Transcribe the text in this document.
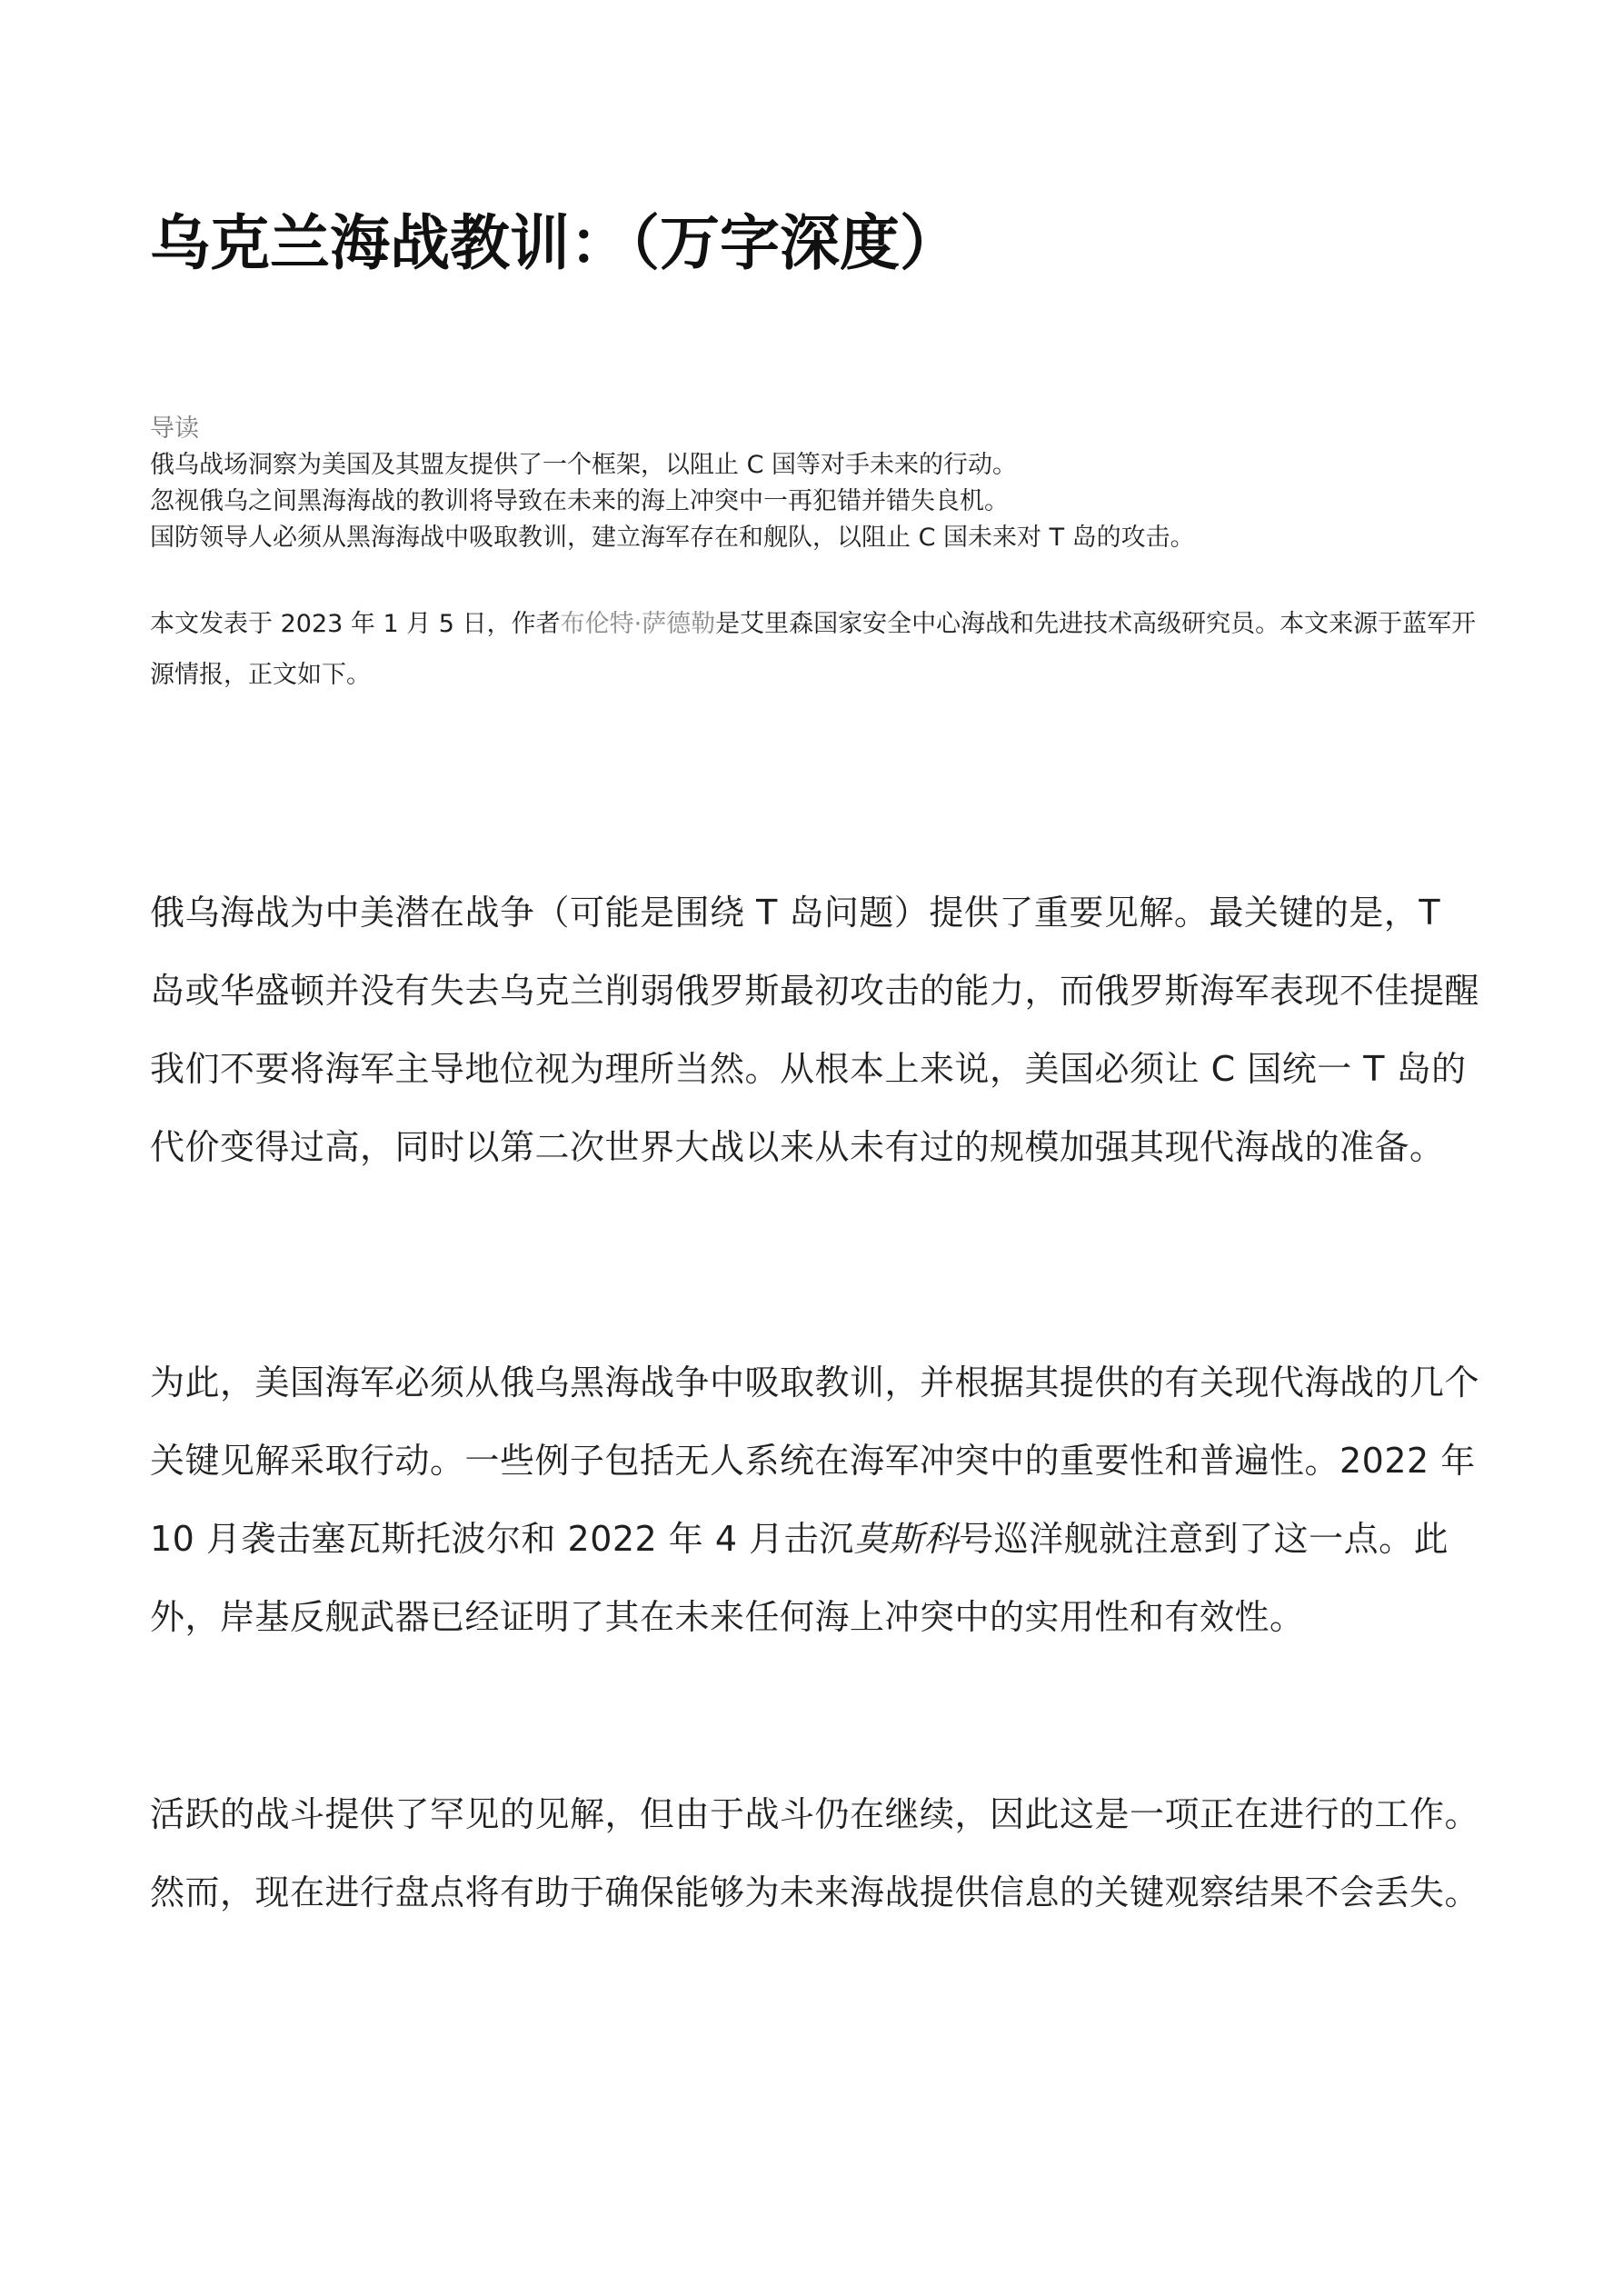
乌克兰海战教训：（万字深度）

导读

俄乌战场洞察为美国及其盟友提供了一个框架，以阻止 C 国等对手未来的行动。

忽视俄乌之间黑海海战的教训将导致在未来的海上冲突中一再犯错并错失良机。

国防领导人必须从黑海海战中吸取教训，建立海军存在和舰队，以阻止 C 国未来对 T 岛的攻击。

本文发表于 2023 年 1 月 5 日，作者布伦特·萨德勒是艾里森国家安全中心海战和先进技术高级研究员。本文来源于蓝军开源情报，正文如下。

俄乌海战为中美潜在战争（可能是围绕 T 岛问题）提供了重要见解。最关键的是，T 岛或华盛顿并没有失去乌克兰削弱俄罗斯最初攻击的能力，而俄罗斯海军表现不佳提醒我们不要将海军主导地位视为理所当然。从根本上来说，美国必须让 C 国统一 T 岛的代价变得过高，同时以第二次世界大战以来从未有过的规模加强其现代海战的准备。

为此，美国海军必须从俄乌黑海战争中吸取教训，并根据其提供的有关现代海战的几个关键见解采取行动。一些例子包括无人系统在海军冲突中的重要性和普遍性。2022 年 10 月袭击塞瓦斯托波尔和 2022 年 4 月击沉莫斯科号巡洋舰就注意到了这一点。此外，岸基反舰武器已经证明了其在未来任何海上冲突中的实用性和有效性。

活跃的战斗提供了罕见的见解，但由于战斗仍在继续，因此这是一项正在进行的工作。然而，现在进行盘点将有助于确保能够为未来海战提供信息的关键观察结果不会丢失。
